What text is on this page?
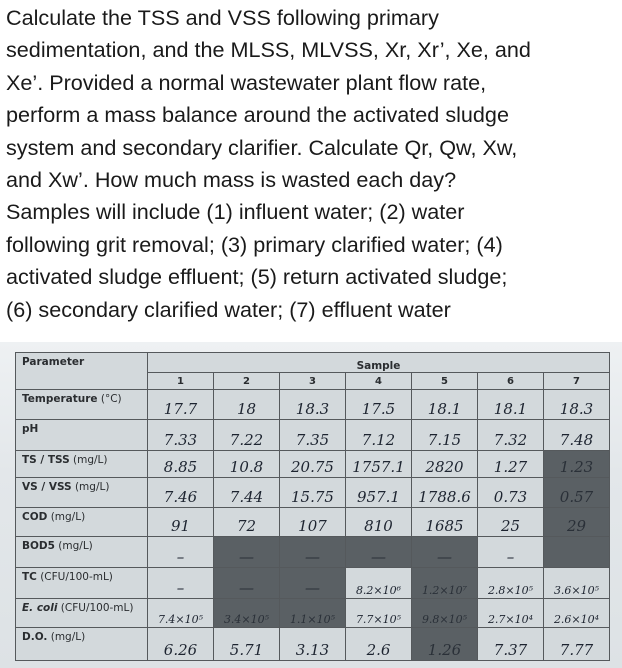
Calculate the TSS and VSS following primary

sedimentation, and the MLSS, MLVSS, Xr, Xr’, Xe, and

Xe’. Provided a normal wastewater plant flow rate,

perform a mass balance around the activated sludge

system and secondary clarifier. Calculate Qr, Qw, Xw,

and Xw’. How much mass is wasted each day?

Samples will include (1) influent water; (2) water

following grit removal; (3) primary clarified water; (4)

activated sludge effluent; (5) return activated sludge;

(6) secondary clarified water; (7) effluent water

Parameter	Sample						
	1	2	3	4	5	6	7
Temperature (°C)	17.7	18	18.3	17.5	18.1	18.1	18.3
pH	7.33	7.22	7.35	7.12	7.15	7.32	7.48
TS / TSS (mg/L)	8.85	10.8	20.75	1757.1	2820	1.27	1.23
VS / VSS (mg/L)	7.46	7.44	15.75	957.1	1788.6	0.73	0.57
COD (mg/L)	91	72	107	810	1685	25	29
BOD5 (mg/L)	–	—	—	—	—	–	
TC (CFU/100-mL)	–	—	—	8.2×10⁶	1.2×10⁷	2.8×10⁵	3.6×10⁵
E. coli (CFU/100-mL)	7.4×10⁵	3.4×10⁵	1.1×10⁵	7.7×10⁵	9.8×10⁵	2.7×10⁴	2.6×10⁴
D.O. (mg/L)	6.26	5.71	3.13	2.6	1.26	7.37	7.77
